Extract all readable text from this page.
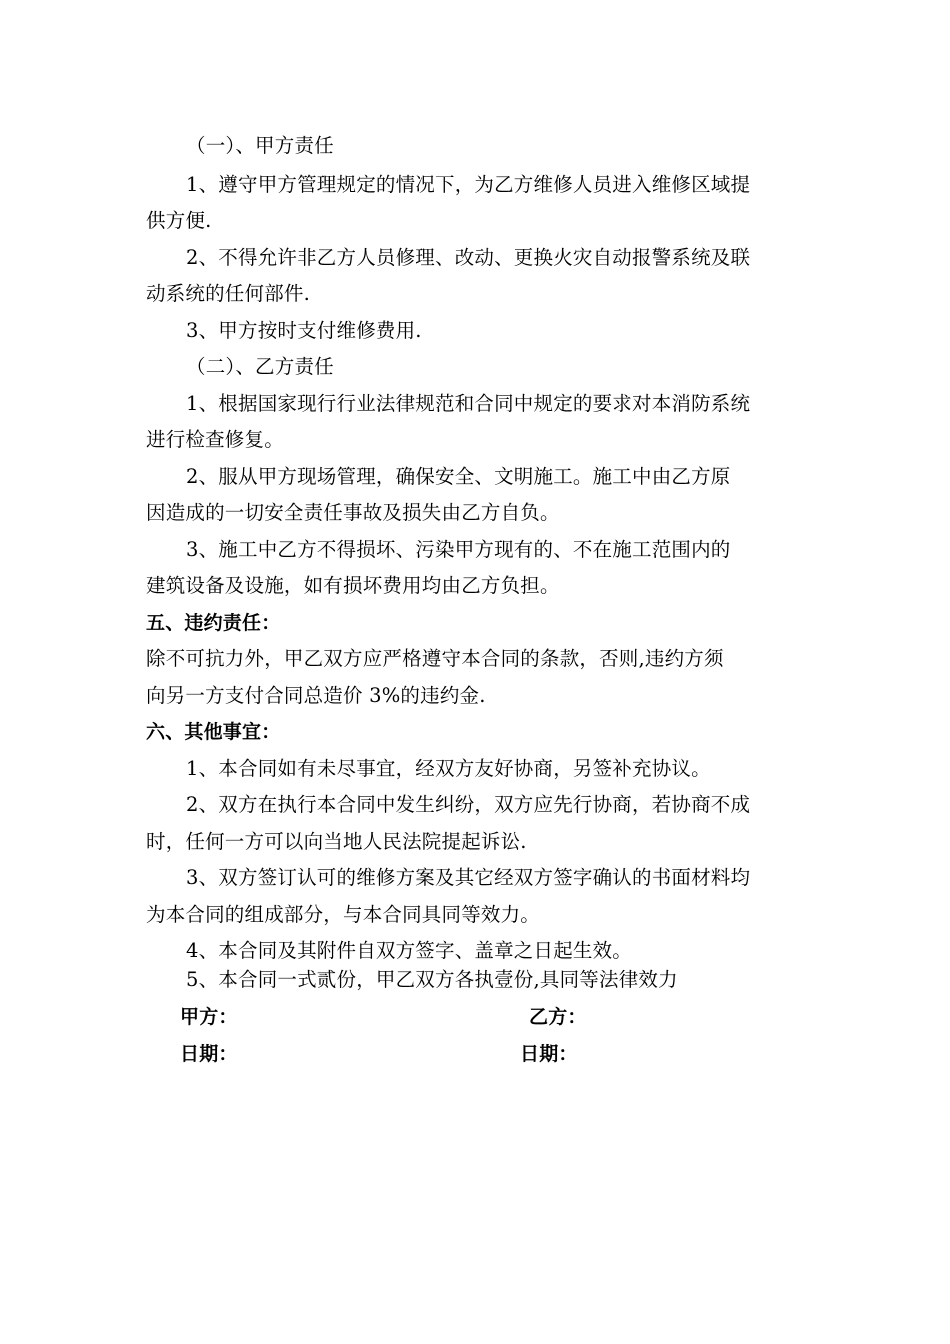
（一）、甲方责任
1、遵守甲方管理规定的情况下，为乙方维修人员进入维修区域提
供方便.
2、不得允许非乙方人员修理、改动、更换火灾自动报警系统及联
动系统的任何部件.
3、甲方按时支付维修费用.
（二）、乙方责任
1、根据国家现行行业法律规范和合同中规定的要求对本消防系统
进行检查修复。
2、服从甲方现场管理，确保安全、文明施工。施工中由乙方原
因造成的一切安全责任事故及损失由乙方自负。
3、施工中乙方不得损坏、污染甲方现有的、不在施工范围内的
建筑设备及设施，如有损坏费用均由乙方负担。
五、违约责任：
除不可抗力外，甲乙双方应严格遵守本合同的条款，否则,违约方须
向另一方支付合同总造价 3%的违约金.
六、其他事宜：
1、本合同如有未尽事宜，经双方友好协商，另签补充协议。
2、双方在执行本合同中发生纠纷，双方应先行协商，若协商不成
时，任何一方可以向当地人民法院提起诉讼.
3、双方签订认可的维修方案及其它经双方签字确认的书面材料均
为本合同的组成部分，与本合同具同等效力。
4、本合同及其附件自双方签字、盖章之日起生效。
5、本合同一式贰份，甲乙双方各执壹份,具同等法律效力
甲方：	乙方：
日期：	日期：
